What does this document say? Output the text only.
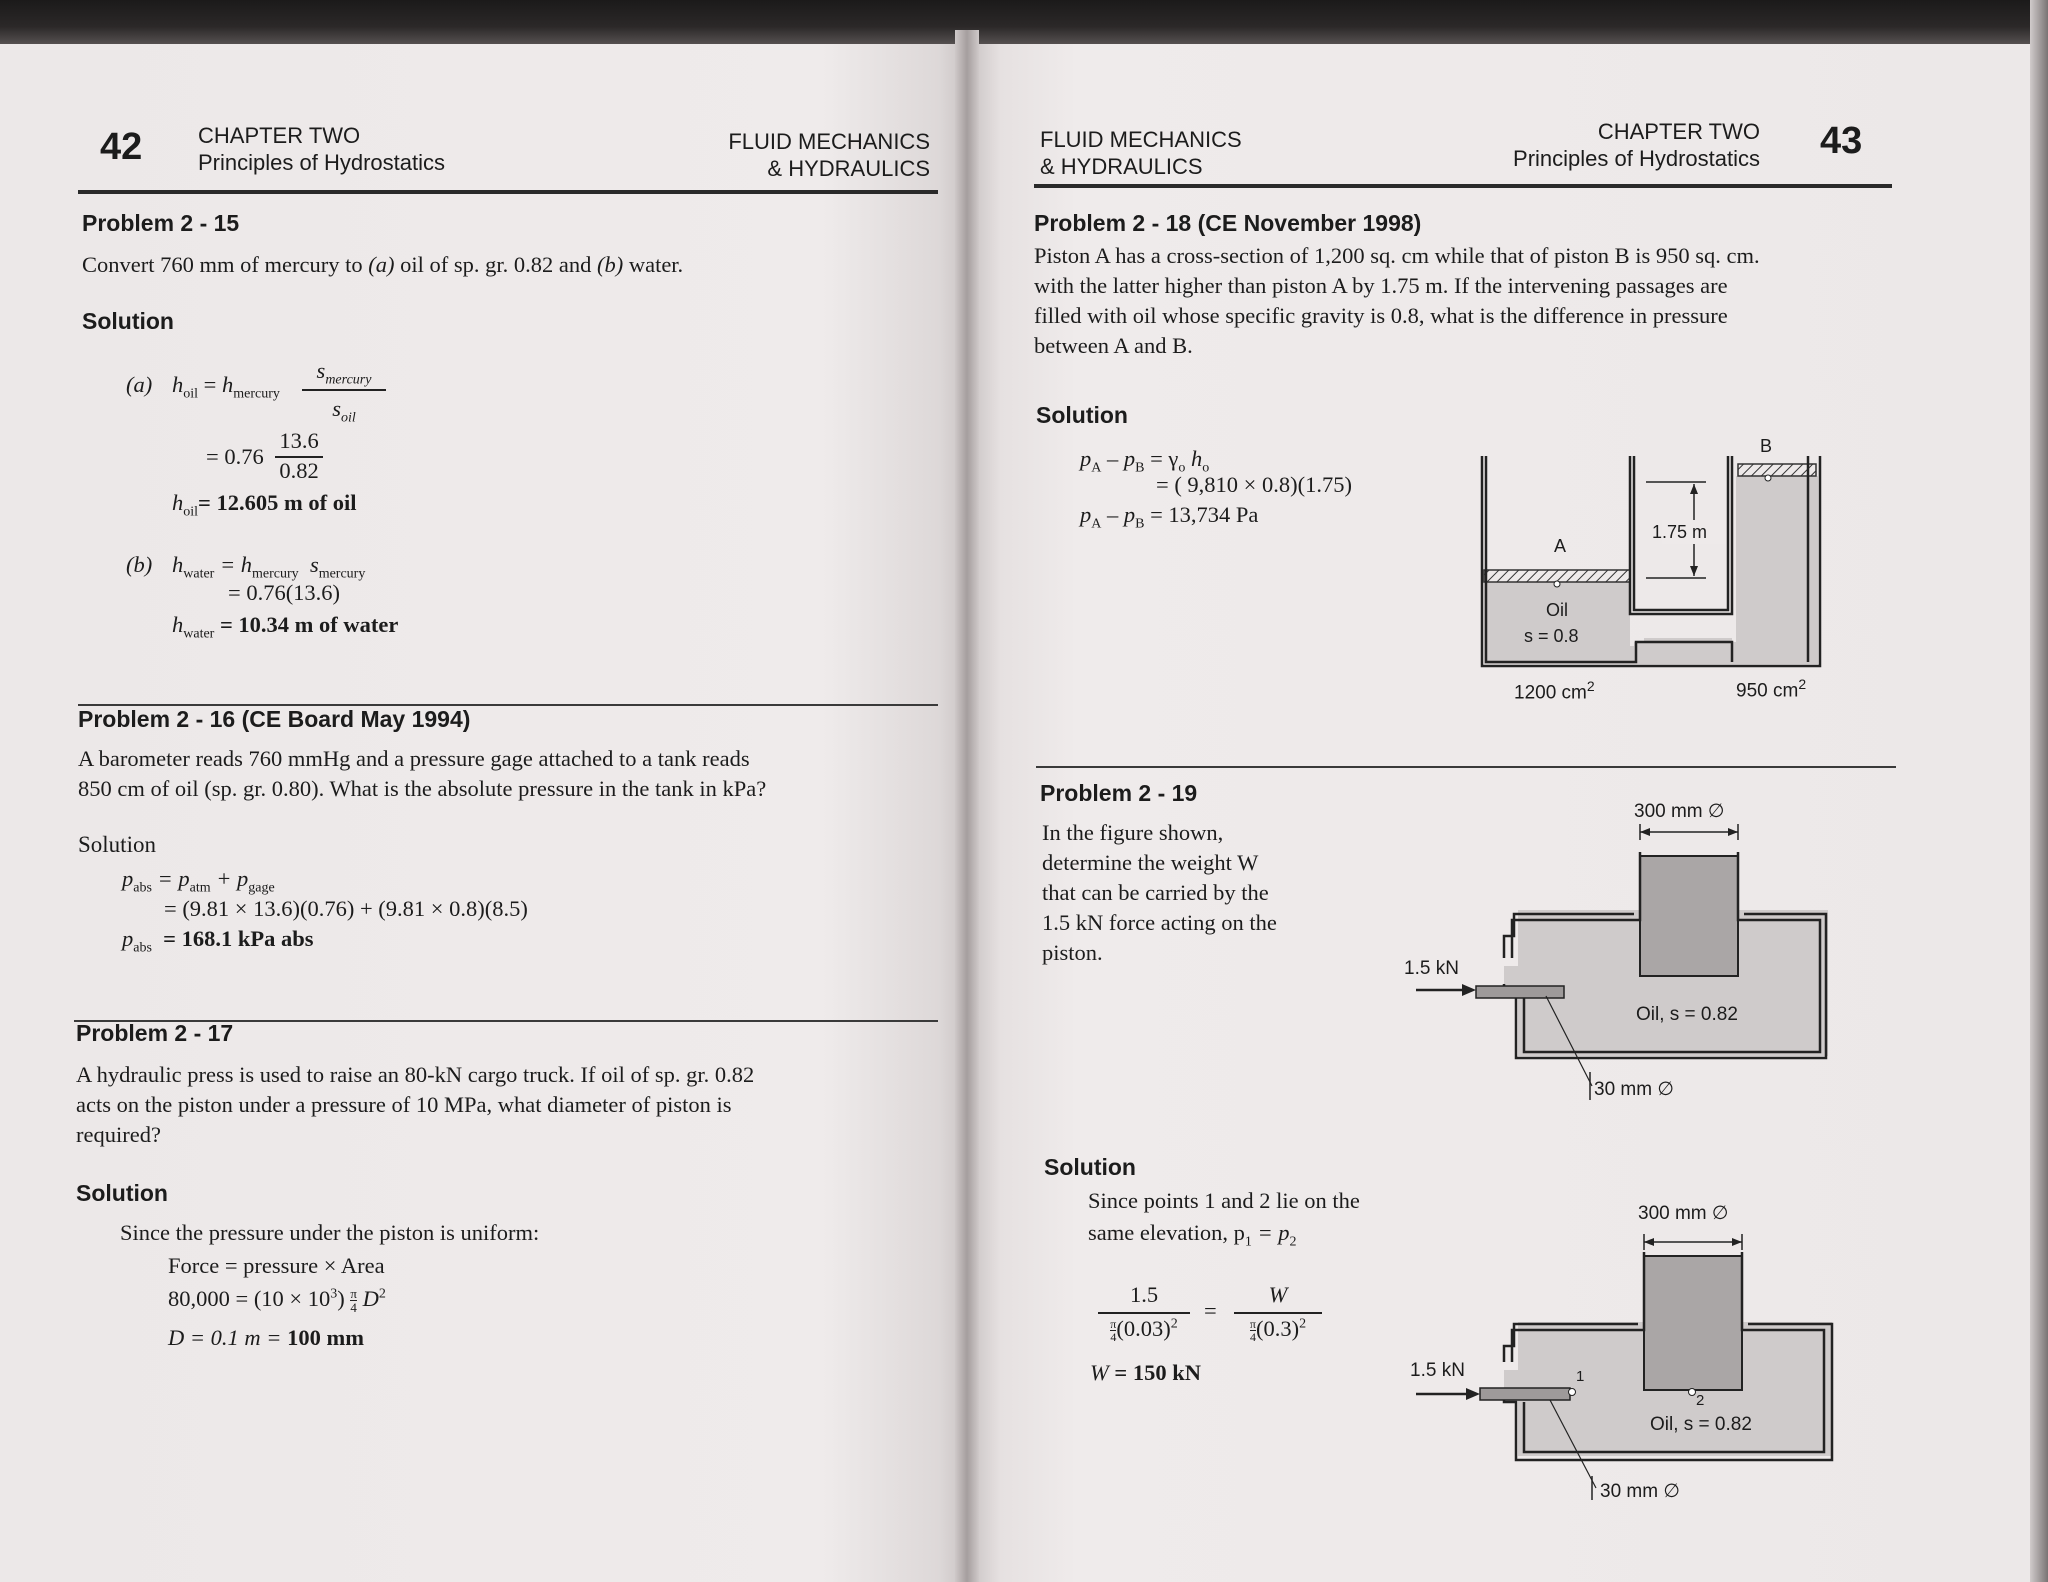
42	CHAPTER TWO
Principles of Hydrostatics
FLUID MECHANICS
& HYDRAULICS
Problem 2 - 15
Convert 760 mm of mercury to (a) oil of sp. gr. 0.82 and (b) water.
Solution
(a) $h_{oil} = h_{mercury}$
$s_{mercury}$
$s_{oil}$
= 0.76
13.6
0.82
$h_{oil}= 12.605$ m of oil
(b) $h_{water} = h_{mercury}$ $s_{mercury}$
= 0.76(13.6)
$h_{water} = 10.34$ m of water
Problem 2 - 16 (CE Board May 1994)
A barometer reads 760 mmHg and a pressure gage attached to a tank reads
850 cm of oil (sp. gr. 0.80). What is the absolute pressure in the tank in kPa?
Solution
$p_{abs} = p_{atm} + p_{gage}$
= (9.81 × 13.6)(0.76) + (9.81 × 0.8)(8.5)
$p_{abs} = 168.1$ kPa abs
Problem 2 - 17
A hydraulic press is used to raise an 80-kN cargo truck. If oil of sp. gr. 0.82
acts on the piston under a pressure of 10 MPa, what diameter of piston is
required?
Solution
Since the pressure under the piston is uniform:
Force = pressure × Area
$80,000 = (10 \times 10^3) \frac{\pi}{4} D^2$
D = 0.1 m = 100 mm
FLUID MECHANICS
& HYDRAULICS
CHAPTER TWO
Principles of Hydrostatics 43
Problem 2 - 18 (CE November 1998)
Piston A has a cross-section of 1,200 sq. cm while that of piston B is 950 sq. cm.
with the latter higher than piston A by 1.75 m. If the intervening passages are
filled with oil whose specific gravity is 0.8, what is the difference in pressure
between A and B.
Solution
$p_A - p_B = \gamma_o$ $h_o$
= ( 9,810 × 0.8)(1.75)
$p_A - p_B = 13,734$ Pa
A
B
1.75 m
Oil
s = 0.8
1200 $cm^2$	950 $cm^2$
Problem 2 - 19
In the figure shown,
determine the weight W
that can be carried by the
1.5 kN force acting on the
piston.
300 mm ∅
1.5 kN
Oil, s = 0.82
30 mm ∅
Solution
Since points 1 and 2 lie on the
same elevation, $p_1 = p_2$
1.5
$\frac{\pi}{4} (0.03)^2$
=
W
$\frac{\pi}{4} (0.3)^2$
W = 150 kN
300 mm ∅
1.5 kN	1
2
Oil, s = 0.82
30 mm ∅
